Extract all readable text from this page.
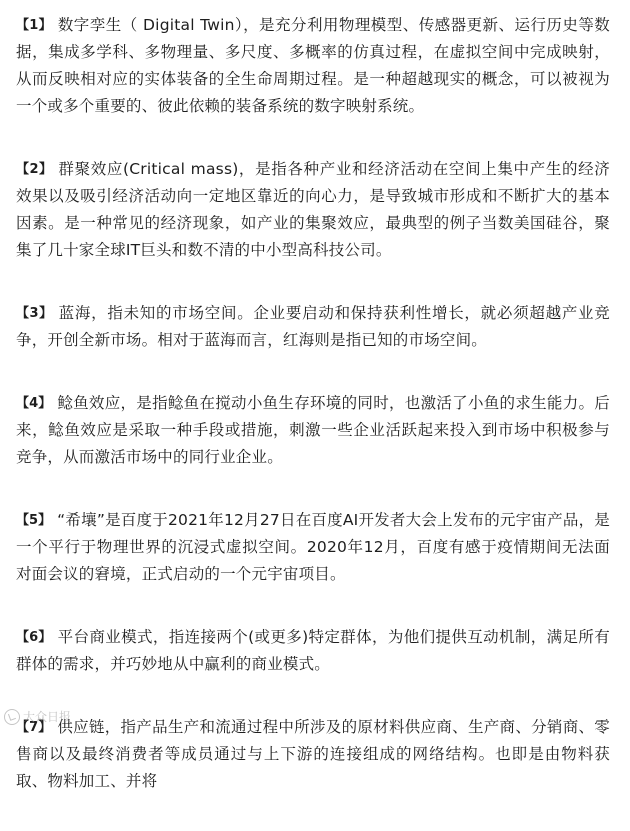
【1】 数字孪生（ Digital Twin），是充分利用物理模型、传感器更新、运行历史等数据，集成多学科、多物理量、多尺度、多概率的仿真过程，在虚拟空间中完成映射，从而反映相对应的实体装备的全生命周期过程。是一种超越现实的概念，可以被视为一个或多个重要的、彼此依赖的装备系统的数字映射系统。

【2】 群聚效应(Critical mass)，是指各种产业和经济活动在空间上集中产生的经济效果以及吸引经济活动向一定地区靠近的向心力，是导致城市形成和不断扩大的基本因素。是一种常见的经济现象，如产业的集聚效应，最典型的例子当数美国硅谷，聚集了几十家全球IT巨头和数不清的中小型高科技公司。

【3】 蓝海，指未知的市场空间。企业要启动和保持获利性增长，就必须超越产业竞争，开创全新市场。相对于蓝海而言，红海则是指已知的市场空间。

【4】 鲶鱼效应，是指鲶鱼在搅动小鱼生存环境的同时，也激活了小鱼的求生能力。后来，鲶鱼效应是采取一种手段或措施，刺激一些企业活跃起来投入到市场中积极参与竞争，从而激活市场中的同行业企业。

【5】 “希壤”是百度于2021年12月27日在百度AI开发者大会上发布的元宇宙产品，是一个平行于物理世界的沉浸式虚拟空间。2020年12月，百度有感于疫情期间无法面对面会议的窘境，正式启动的一个元宇宙项目。

【6】 平台商业模式，指连接两个(或更多)特定群体，为他们提供互动机制，满足所有群体的需求，并巧妙地从中赢利的商业模式。

【7】 供应链，指产品生产和流通过程中所涉及的原材料供应商、生产商、分销商、零售商以及最终消费者等成员通过与上下游的连接组成的网络结构。也即是由物料获取、物料加工、并将

大众日报
